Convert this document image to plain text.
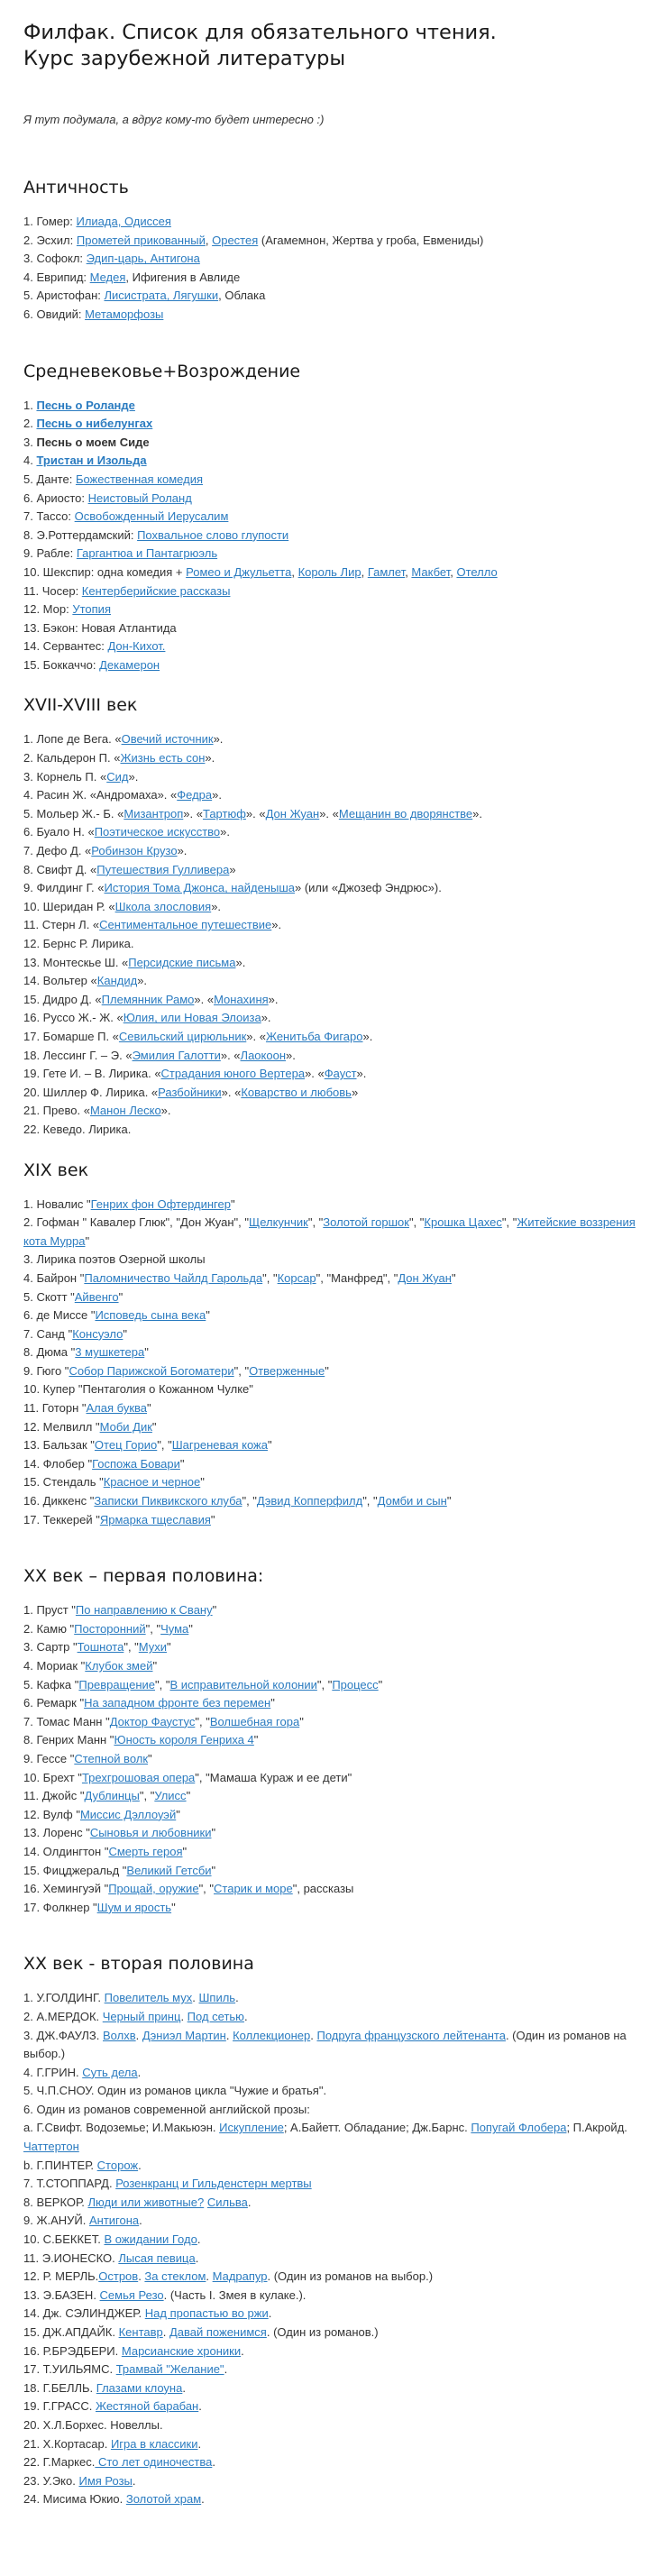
Филфак. Список для обязательного чтения.
Курс зарубежной литературы

Я тут подумала, а вдруг кому-то будет интересно :)

Античность
1. Гомер: Илиада, Одиссея
2. Эсхил: Прометей прикованный, Орестея (Агамемнон, Жертва у гроба, Евмениды)
3. Софокл: Эдип-царь, Антигона
4. Еврипид: Медея, Ифигения в Авлиде
5. Аристофан: Лисистрата, Лягушки, Облака
6. Овидий: Метаморфозы
Средневековье+Возрождение
1. Песнь о Роланде
2. Песнь о нибелунгах
3. Песнь о моем Сиде
4. Тристан и Изольда
5. Данте: Божественная комедия
6. Ариосто: Неистовый Роланд
7. Тассо: Освобожденный Иерусалим
8. Э.Роттердамский: Похвальное слово глупости
9. Рабле: Гаргантюа и Пантагрюэль
10. Шекспир: одна комедия + Ромео и Джульетта, Король Лир, Гамлет, Макбет, Отелло
11. Чосер: Кентерберийские рассказы
12. Мор: Утопия
13. Бэкон: Новая Атлантида
14. Сервантес: Дон-Кихот.
15. Боккаччо: Декамерон
XVII-XVIII век
1. Лопе де Вега. «Овечий источник».
2. Кальдерон П. «Жизнь есть сон».
3. Корнель П. «Сид».
4. Расин Ж. «Андромаха». «Федра».
5. Мольер Ж.- Б. «Мизантроп». «Тартюф». «Дон Жуан». «Мещанин во дворянстве».
6. Буало Н. «Поэтическое искусство».
7. Дефо Д. «Робинзон Крузо».
8. Свифт Д. «Путешествия Гулливера»
9. Филдинг Г. «История Тома Джонса, найденыша» (или «Джозеф Эндрюс»).
10. Шеридан Р. «Школа злословия».
11. Стерн Л. «Сентиментальное путешествие».
12. Бернс Р. Лирика.
13. Монтескье Ш. «Персидские письма».
14. Вольтер «Кандид».
15. Дидро Д. «Племянник Рамо». «Монахиня».
16. Руссо Ж.- Ж. «Юлия, или Новая Элоиза».
17. Бомарше П. «Севильский цирюльник». «Женитьба Фигаро».
18. Лессинг Г. – Э. «Эмилия Галотти». «Лаокоон».
19. Гете И. – В. Лирика. «Страдания юного Вертера». «Фауст».
20. Шиллер Ф. Лирика. «Разбойники». «Коварство и любовь»
21. Прево. «Манон Леско».
22. Кеведо. Лирика.
XIX век
1. Новалис "Генрих фон Офтердингер"
2. Гофман " Кавалер Глюк", "Дон Жуан", "Щелкунчик", "Золотой горшок", "Крошка Цахес", "Житейские воззрения кота Мурра"
3. Лирика поэтов Озерной школы
4. Байрон "Паломничество Чайлд Гарольда", "Корсар", "Манфред", "Дон Жуан"
5. Скотт "Айвенго"
6. де Миссе "Исповедь сына века"
7. Санд "Консуэло"
8. Дюма "3 мушкетера"
9. Гюго "Собор Парижской Богоматери", "Отверженные"
10. Купер "Пентаголия о Кожанном Чулке"
11. Готорн "Алая буква"
12. Мелвилл "Моби Дик"
13. Бальзак "Отец Горио", "Шагреневая кожа"
14. Флобер "Госпожа Бовари"
15. Стендаль "Красное и черное"
16. Диккенс "Записки Пиквикского клуба", "Дэвид Копперфилд", "Домби и сын"
17. Теккерей "Ярмарка тщеславия"
XX век – первая половина:
1. Пруст "По направлению к Свану"
2. Камю "Посторонний", "Чума"
3. Сартр "Тошнота", "Мухи"
4. Мориак "Клубок змей"
5. Кафка "Превращение", "В исправительной колонии", "Процесс"
6. Ремарк "На западном фронте без перемен"
7. Томас Манн "Доктор Фаустус", "Волшебная гора"
8. Генрих Манн "Юность короля Генриха 4"
9. Гессе "Степной волк"
10. Брехт "Трехгрошовая опера", "Мамаша Кураж и ее дети"
11. Джойс "Дублинцы", "Улисс"
12. Вулф "Миссис Дэллоуэй"
13. Лоренс "Сыновья и любовники"
14. Олдингтон "Смерть героя"
15. Фицджеральд "Великий Гетсби"
16. Хемингуэй "Прощай, оружие", "Старик и море", рассказы
17. Фолкнер "Шум и ярость"
XX век - вторая половина
1. У.ГОЛДИНГ. Повелитель мух. Шпиль.
2. А.МЕРДОК. Черный принц. Под сетью.
3. ДЖ.ФАУЛЗ. Волхв. Дэниэл Мартин. Коллекционер. Подруга французского лейтенанта. (Один из романов на выбор.)
4. Г.ГРИН. Суть дела.
5. Ч.П.СНОУ. Один из романов цикла "Чужие и братья".
6. Один из романов современной английской прозы:
а. Г.Свифт. Водоземье; И.Макьюэн. Искупление; А.Байетт. Обладание; Дж.Барнс. Попугай Флобера; П.Акройд. Чаттертон
b. Г.ПИНТЕР. Сторож.
7. Т.СТОППАРД. Розенкранц и Гильденстерн мертвы
8. ВЕРКОР. Люди или животные? Сильва.
9. Ж.АНУЙ. Антигона.
10. С.БЕККЕТ. В ожидании Годо.
11. Э.ИОНЕСКО. Лысая певица.
12. Р. МЕРЛЬ.Остров. За стеклом. Мадрапур. (Один из романов на выбор.)
13. Э.БАЗЕН. Семья Резо. (Часть I. Змея в кулаке.).
14. Дж. СЭЛИНДЖЕР. Над пропастью во ржи.
15. ДЖ.АПДАЙК. Кентавр. Давай поженимся. (Один из романов.)
16. Р.БРЭДБЕРИ. Марсианские хроники.
17. Т.УИЛЬЯМС. Трамвай "Желание".
18. Г.БЕЛЛЬ. Глазами клоуна.
19. Г.ГРАСС. Жестяной барабан.
20. Х.Л.Борхес. Новеллы.
21. Х.Кортасар. Игра в классики.
22. Г.Маркес. Сто лет одиночества.
23. У.Эко. Имя Розы.
24. Мисима Юкио. Золотой храм.
